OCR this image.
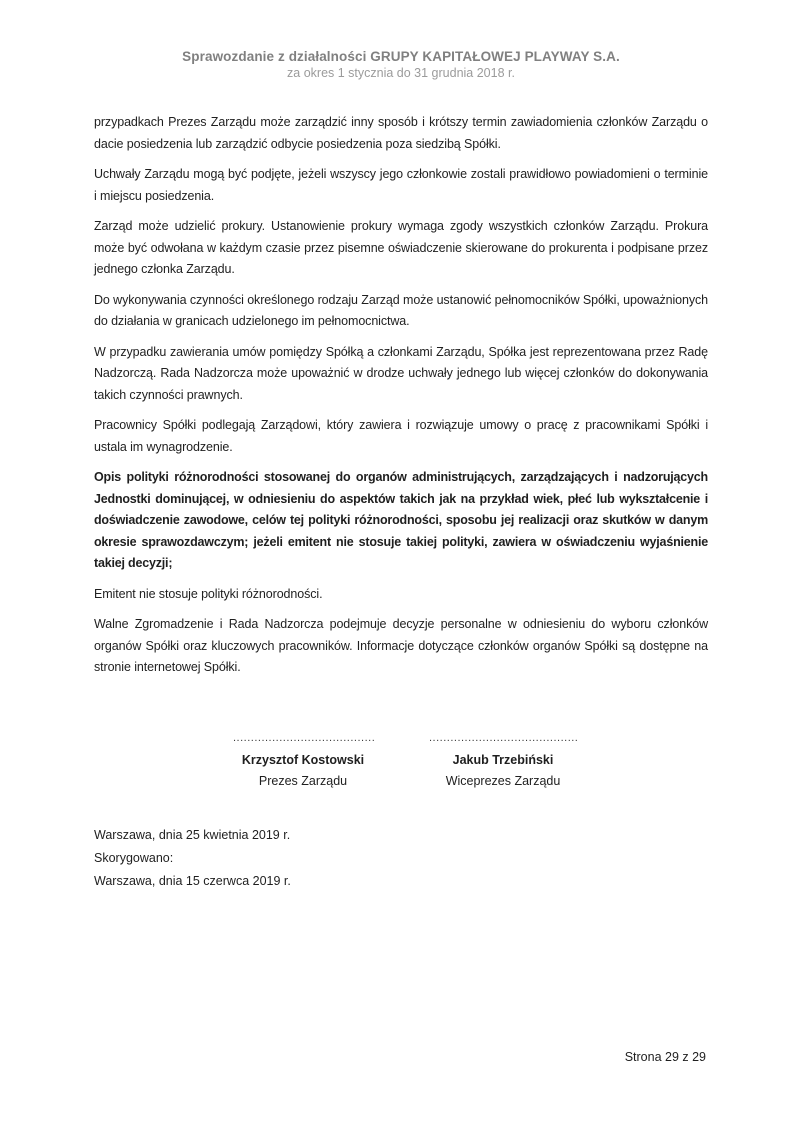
Sprawozdanie z działalności GRUPY KAPITAŁOWEJ PLAYWAY S.A.
za okres 1 stycznia do 31 grudnia 2018 r.

przypadkach Prezes Zarządu może zarządzić inny sposób i krótszy termin zawiadomienia członków Zarządu o dacie posiedzenia lub zarządzić odbycie posiedzenia poza siedzibą Spółki.

Uchwały Zarządu mogą być podjęte, jeżeli wszyscy jego członkowie zostali prawidłowo powiadomieni o terminie i miejscu posiedzenia.

Zarząd może udzielić prokury. Ustanowienie prokury wymaga zgody wszystkich członków Zarządu. Prokura może być odwołana w każdym czasie przez pisemne oświadczenie skierowane do prokurenta i podpisane przez jednego członka Zarządu.

Do wykonywania czynności określonego rodzaju Zarząd może ustanowić pełnomocników Spółki, upoważnionych do działania w granicach udzielonego im pełnomocnictwa.

W przypadku zawierania umów pomiędzy Spółką a członkami Zarządu, Spółka jest reprezentowana przez Radę Nadzorczą. Rada Nadzorcza może upoważnić w drodze uchwały jednego lub więcej członków do dokonywania takich czynności prawnych.

Pracownicy Spółki podlegają Zarządowi, który zawiera i rozwiązuje umowy o pracę z pracownikami Spółki i ustala im wynagrodzenie.

Opis polityki różnorodności stosowanej do organów administrujących, zarządzających i nadzorujących Jednostki dominującej, w odniesieniu do aspektów takich jak na przykład wiek, płeć lub wykształcenie i doświadczenie zawodowe, celów tej polityki różnorodności, sposobu jej realizacji oraz skutków w danym okresie sprawozdawczym; jeżeli emitent nie stosuje takiej polityki, zawiera w oświadczeniu wyjaśnienie takiej decyzji;

Emitent nie stosuje polityki różnorodności.

Walne Zgromadzenie i Rada Nadzorcza podejmuje decyzje personalne w odniesieniu do wyboru członków organów Spółki oraz kluczowych pracowników. Informacje dotyczące członków organów Spółki są dostępne na stronie internetowej Spółki.

........................................
Krzysztof Kostowski
Prezes Zarządu
..........................................
Jakub Trzebiński
Wiceprezes Zarządu
Warszawa, dnia 25 kwietnia 2019 r.
Skorygowano:
Warszawa, dnia 15 czerwca 2019 r.
Strona 29 z 29
